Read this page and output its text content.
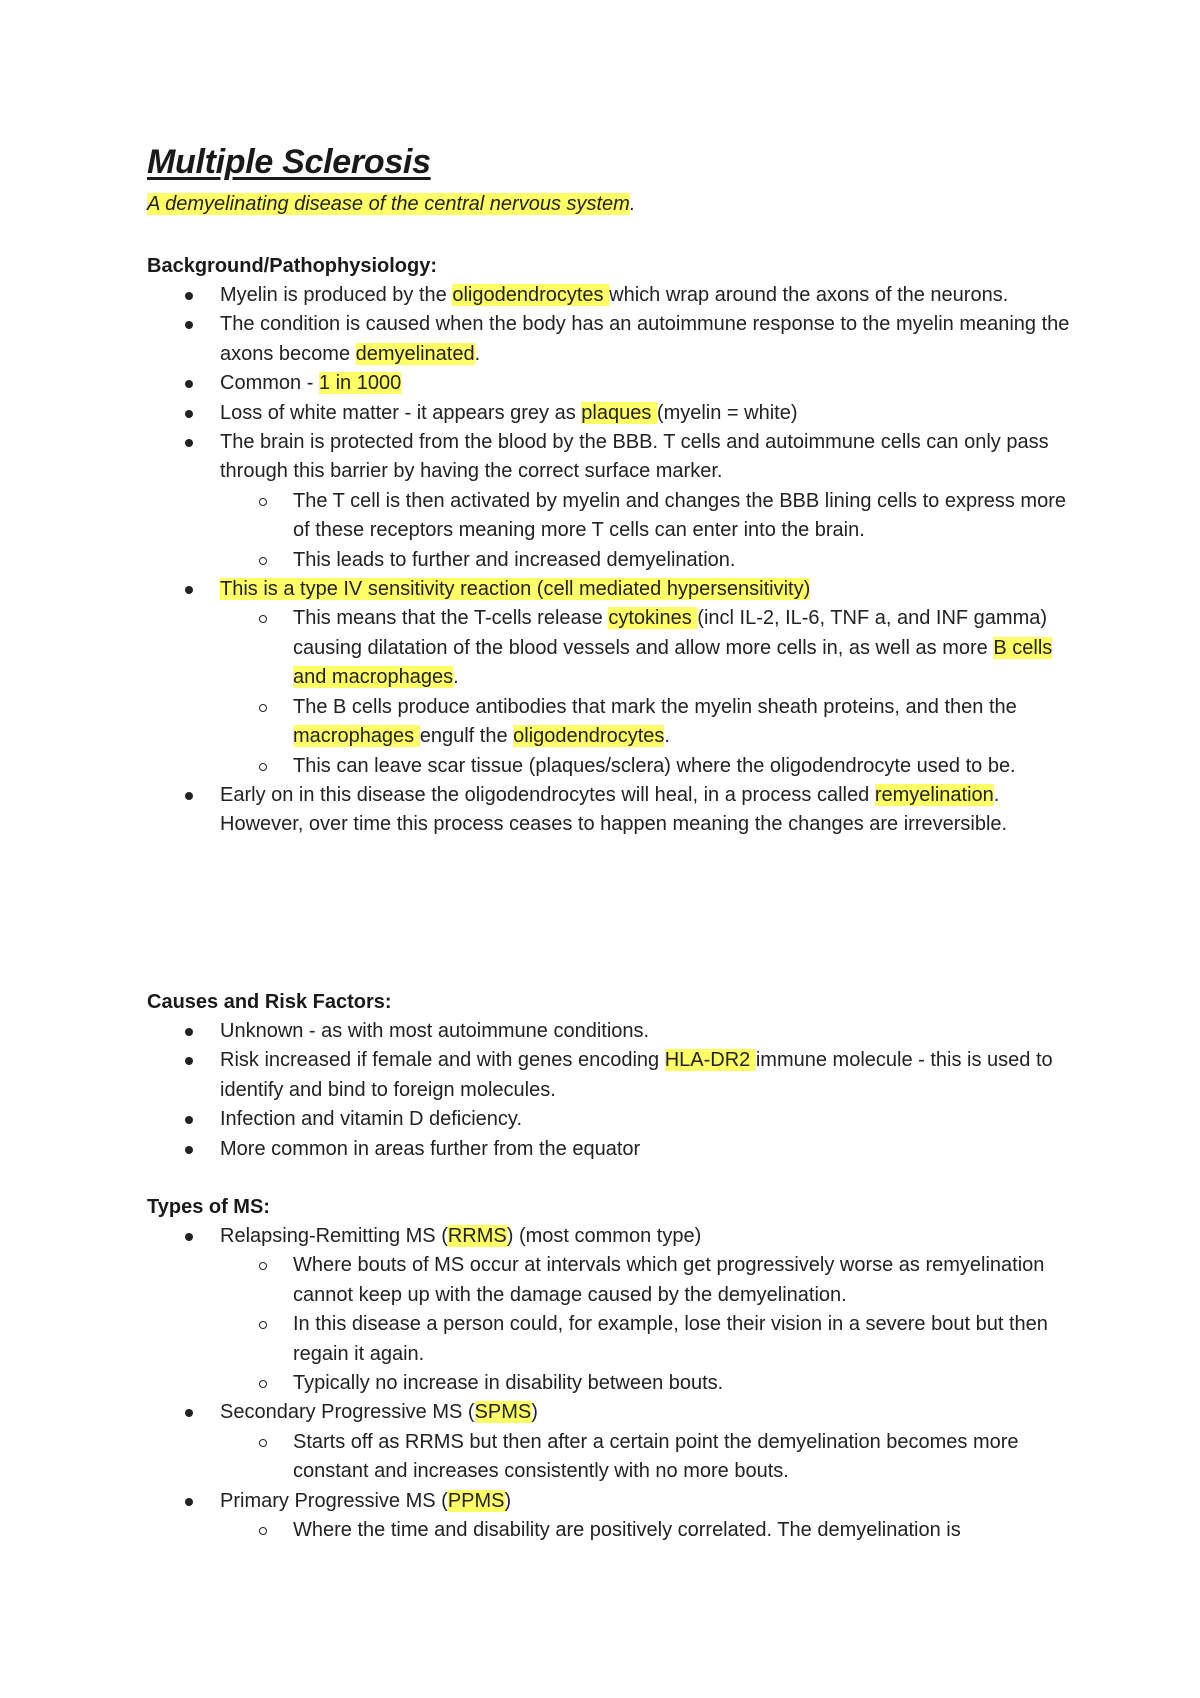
Multiple Sclerosis
A demyelinating disease of the central nervous system.
Background/Pathophysiology:
Myelin is produced by the oligodendrocytes which wrap around the axons of the neurons.
The condition is caused when the body has an autoimmune response to the myelin meaning the axons become demyelinated.
Common - 1 in 1000
Loss of white matter - it appears grey as plaques (myelin = white)
The brain is protected from the blood by the BBB. T cells and autoimmune cells can only pass through this barrier by having the correct surface marker.
The T cell is then activated by myelin and changes the BBB lining cells to express more of these receptors meaning more T cells can enter into the brain.
This leads to further and increased demyelination.
This is a type IV sensitivity reaction (cell mediated hypersensitivity)
This means that the T-cells release cytokines (incl IL-2, IL-6, TNF a, and INF gamma) causing dilatation of the blood vessels and allow more cells in, as well as more B cells and macrophages.
The B cells produce antibodies that mark the myelin sheath proteins, and then the macrophages engulf the oligodendrocytes.
This can leave scar tissue (plaques/sclera) where the oligodendrocyte used to be.
Early on in this disease the oligodendrocytes will heal, in a process called remyelination. However, over time this process ceases to happen meaning the changes are irreversible.
Causes and Risk Factors:
Unknown - as with most autoimmune conditions.
Risk increased if female and with genes encoding HLA-DR2 immune molecule - this is used to identify and bind to foreign molecules.
Infection and vitamin D deficiency.
More common in areas further from the equator
Types of MS:
Relapsing-Remitting MS (RRMS) (most common type)
Where bouts of MS occur at intervals which get progressively worse as remyelination cannot keep up with the damage caused by the demyelination.
In this disease a person could, for example, lose their vision in a severe bout but then regain it again.
Typically no increase in disability between bouts.
Secondary Progressive MS (SPMS)
Starts off as RRMS but then after a certain point the demyelination becomes more constant and increases consistently with no more bouts.
Primary Progressive MS (PPMS)
Where the time and disability are positively correlated. The demyelination is
